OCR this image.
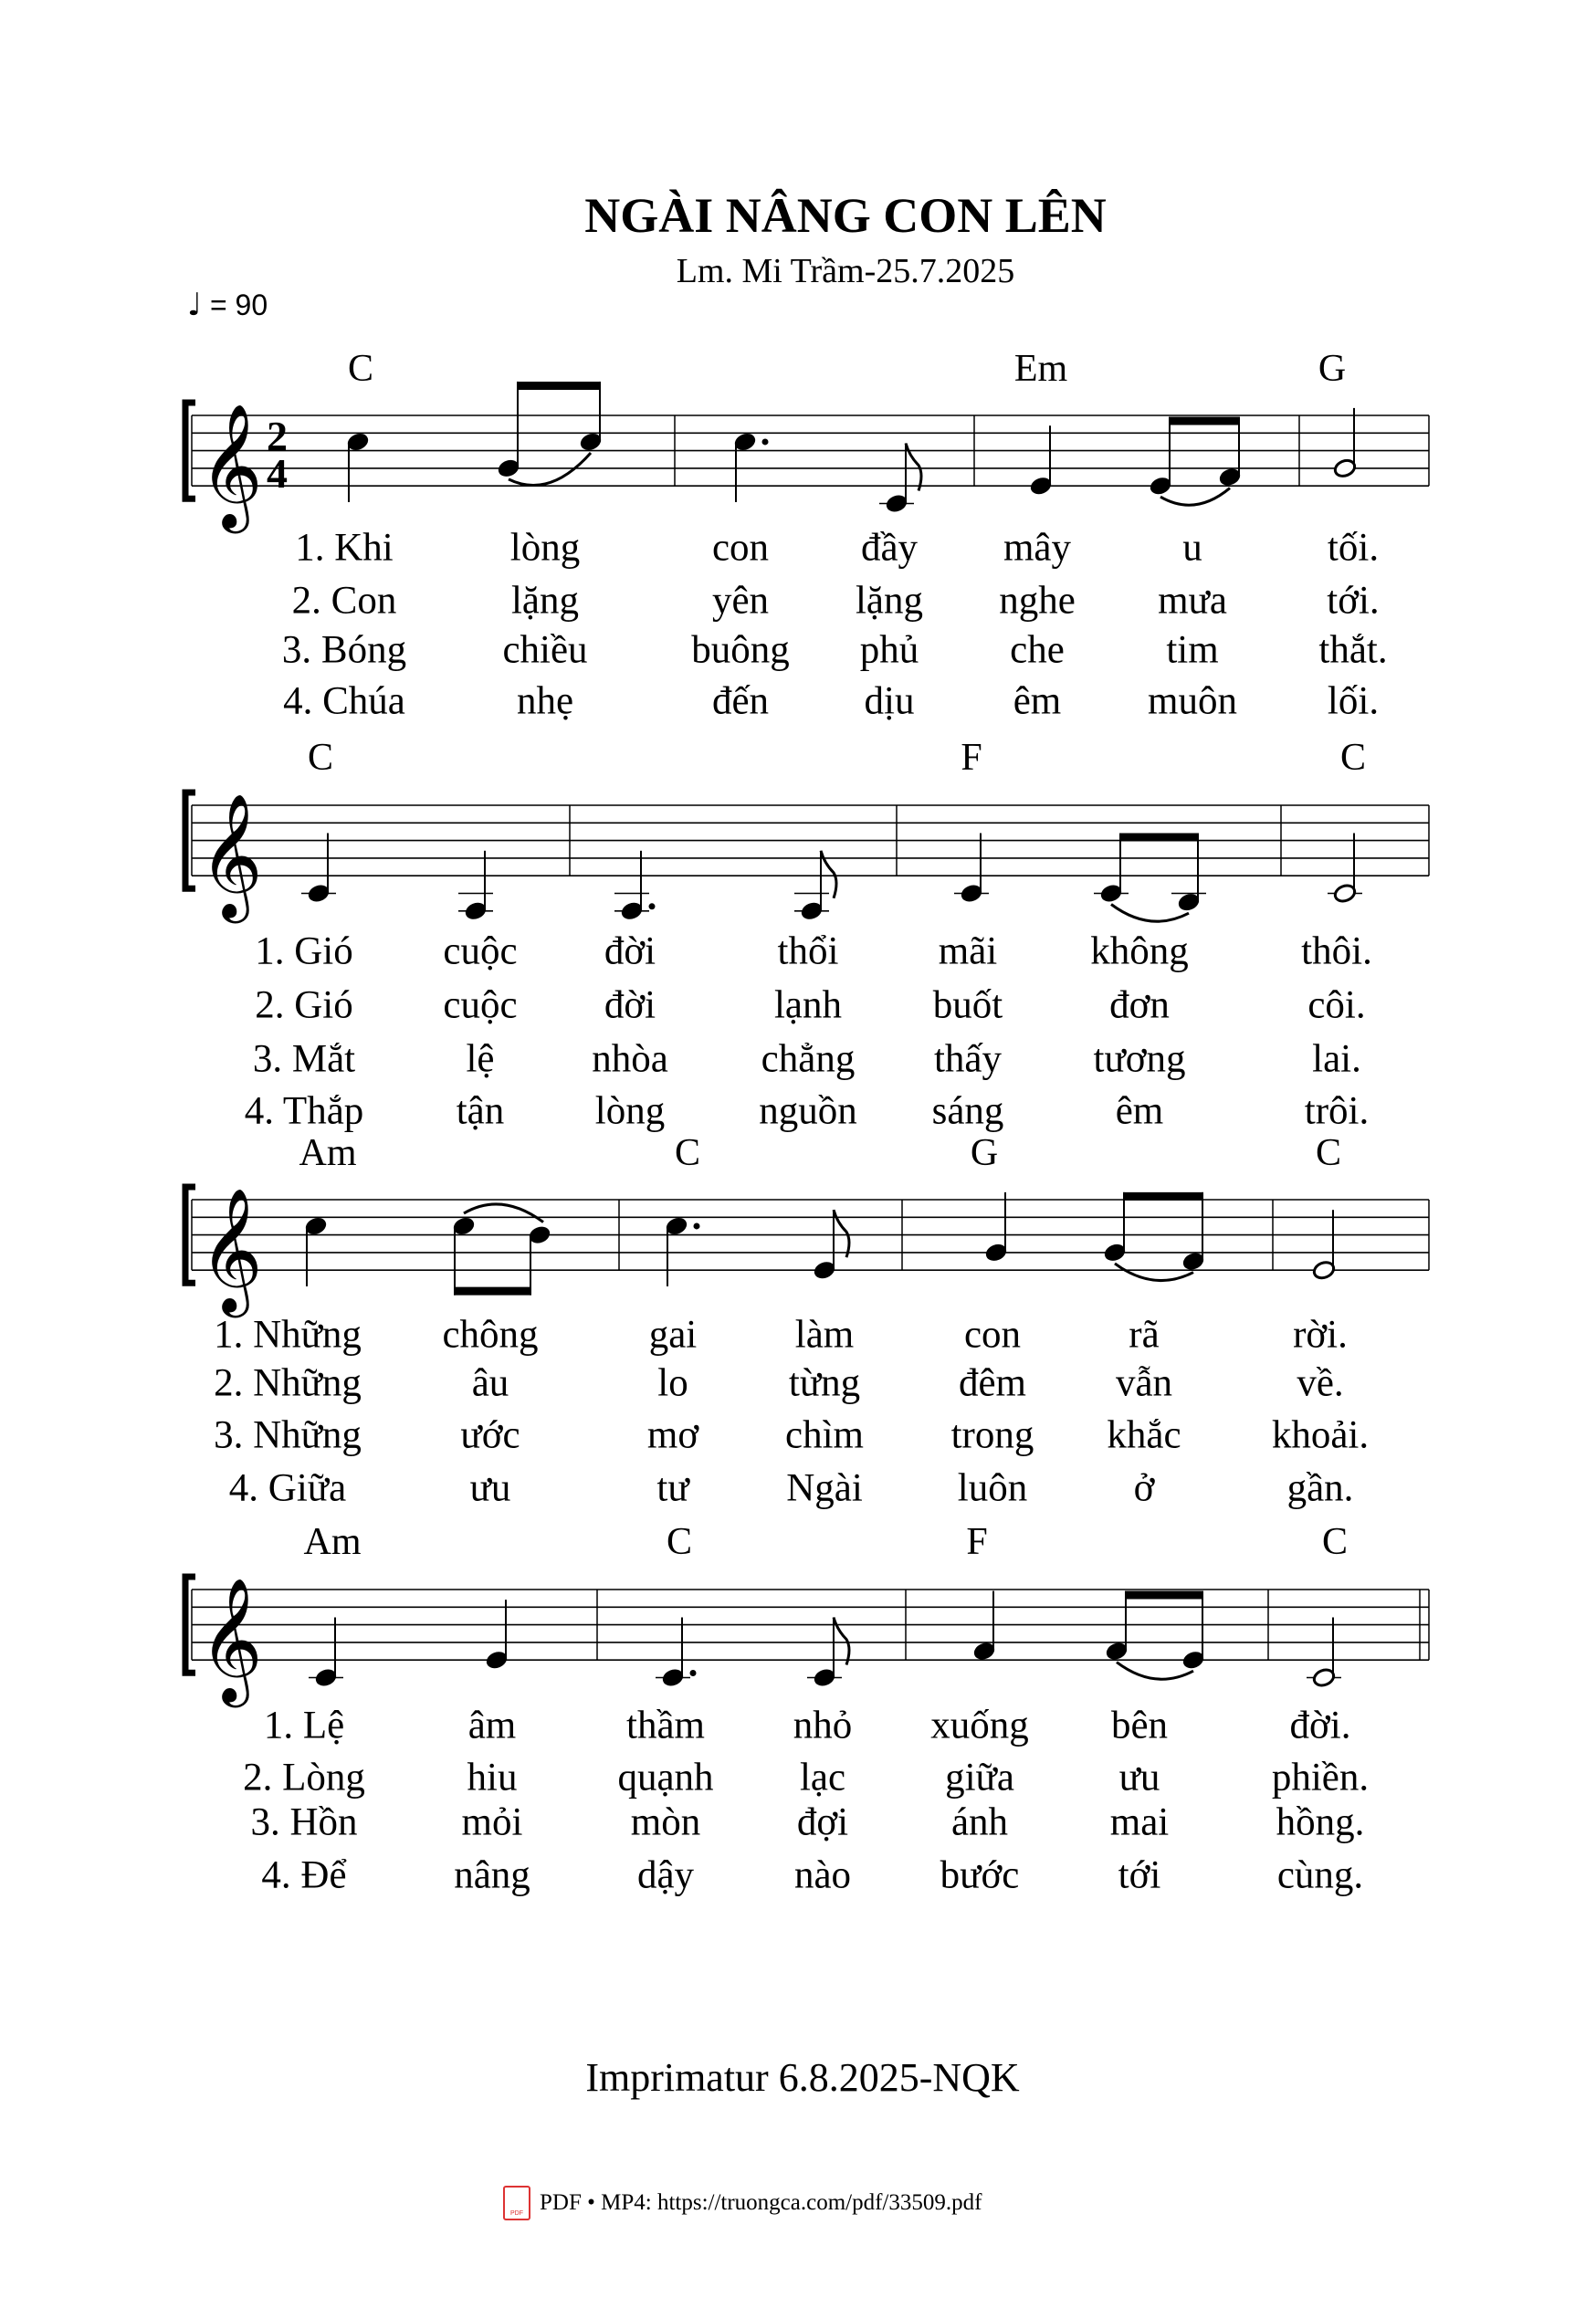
NGÀI NÂNG CON LÊN
Lm. Mi Trầm-25.7.2025
♩ = 90
𝄞 2
4
𝄞
𝄞
𝄞
C	Em	G
1. Khi	lòng	con đầy mây	u	tối.
2. Con	lặng	yên lặng nghe mưa	tới.
3. Bóng chiều	buông phủ che	tim	thắt.
4. Chúa	nhẹ	đến dịu	êm muôn lối.
C	F	C
1. Gió cuộc đời	thổi	mãi không	thôi.
2. Gió cuộc đời	lạnh buốt	đơn	côi.
3. Mắt	lệ nhòa chẳng thấy tương	lai.
4. Thắp tận lòng nguồn sáng	êm	trôi.
Am	C	G	C
1. Những chông	gai làm	con	rã	rời.
2. Những	âu	lo	từng	đêm vẫn	về.
3. Những	ước	mơ chìm trong khắc khoải.
4. Giữa	ưu	tư Ngài luôn	ở	gần.
Am	C	F	C
1. Lệ	âm	thầm nhỏ xuống bên	đời.
2. Lòng	hiu	quạnh lạc	giữa	ưu	phiền.
3. Hồn	mỏi	mòn đợi	ánh	mai	hồng.
4. Để	nâng	dậy	nào bước	tới	cùng.
Imprimatur 6.8.2025-NQK
PDF PDF • MP4: https://truongca.com/pdf/33509.pdf
